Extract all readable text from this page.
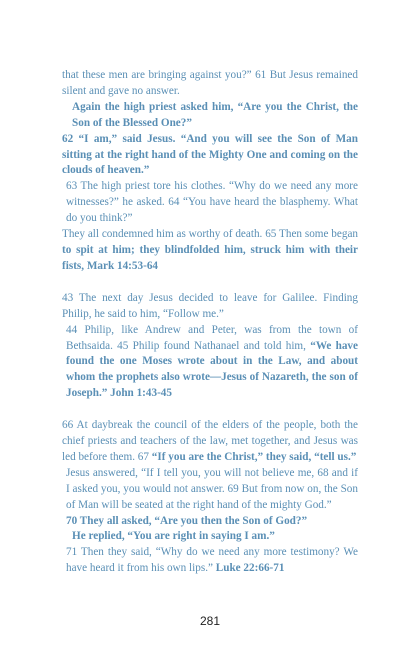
that these men are bringing against you?” 61 But Jesus remained silent and gave no answer.

Again the high priest asked him, “Are you the Christ, the Son of the Blessed One?”

62 “I am,” said Jesus. “And you will see the Son of Man sitting at the right hand of the Mighty One and coming on the clouds of heaven.”

63 The high priest tore his clothes. “Why do we need any more witnesses?” he asked. 64 “You have heard the blasphemy. What do you think?”

They all condemned him as worthy of death. 65 Then some began to spit at him; they blindfolded him, struck him with their fists, Mark 14:53-64

43 The next day Jesus decided to leave for Galilee. Finding Philip, he said to him, “Follow me.”

44 Philip, like Andrew and Peter, was from the town of Bethsaida. 45 Philip found Nathanael and told him, “We have found the one Moses wrote about in the Law, and about whom the prophets also wrote—Jesus of Nazareth, the son of Joseph.” John 1:43-45

66 At daybreak the council of the elders of the people, both the chief priests and teachers of the law, met together, and Jesus was led before them. 67 “If you are the Christ,” they said, “tell us.”

Jesus answered, “If I tell you, you will not believe me, 68 and if I asked you, you would not answer. 69 But from now on, the Son of Man will be seated at the right hand of the mighty God.”

70 They all asked, “Are you then the Son of God?”

He replied, “You are right in saying I am.”

71 Then they said, “Why do we need any more testimony? We have heard it from his own lips.” Luke 22:66-71

281
